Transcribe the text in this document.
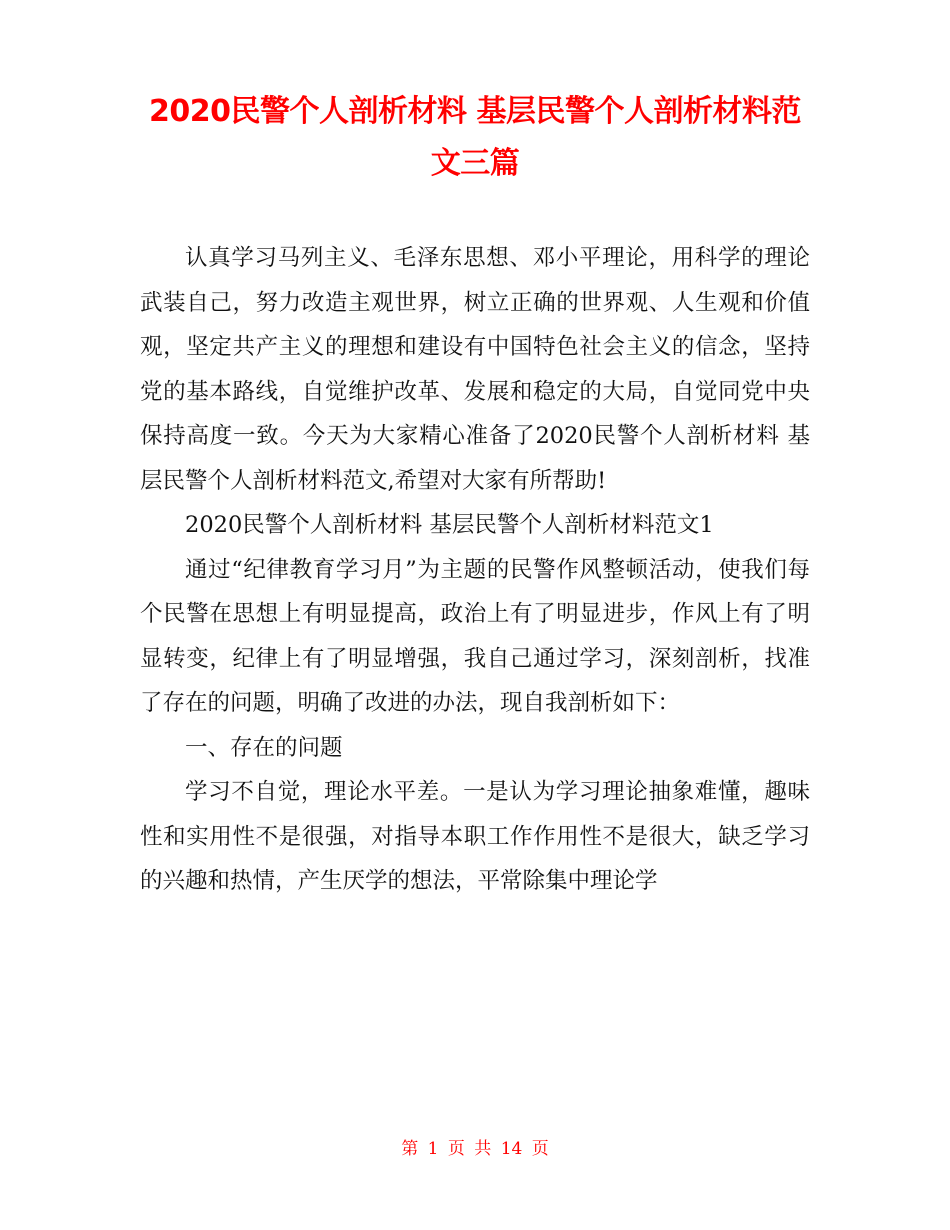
2020民警个人剖析材料 基层民警个人剖析材料范文三篇

认真学习马列主义、毛泽东思想、邓小平理论，用科学的理论武装自己，努力改造主观世界，树立正确的世界观、人生观和价值观，坚定共产主义的理想和建设有中国特色社会主义的信念，坚持党的基本路线，自觉维护改革、发展和稳定的大局，自觉同党中央保持高度一致。今天为大家精心准备了2020民警个人剖析材料 基层民警个人剖析材料范文,希望对大家有所帮助!

2020民警个人剖析材料 基层民警个人剖析材料范文1

通过“纪律教育学习月”为主题的民警作风整顿活动，使我们每个民警在思想上有明显提高，政治上有了明显进步，作风上有了明显转变，纪律上有了明显增强，我自己通过学习，深刻剖析，找准了存在的问题，明确了改进的办法，现自我剖析如下：

一、存在的问题

学习不自觉，理论水平差。一是认为学习理论抽象难懂，趣味性和实用性不是很强，对指导本职工作作用性不是很大，缺乏学习的兴趣和热情，产生厌学的想法，平常除集中理论学

第 1 页 共 14 页
